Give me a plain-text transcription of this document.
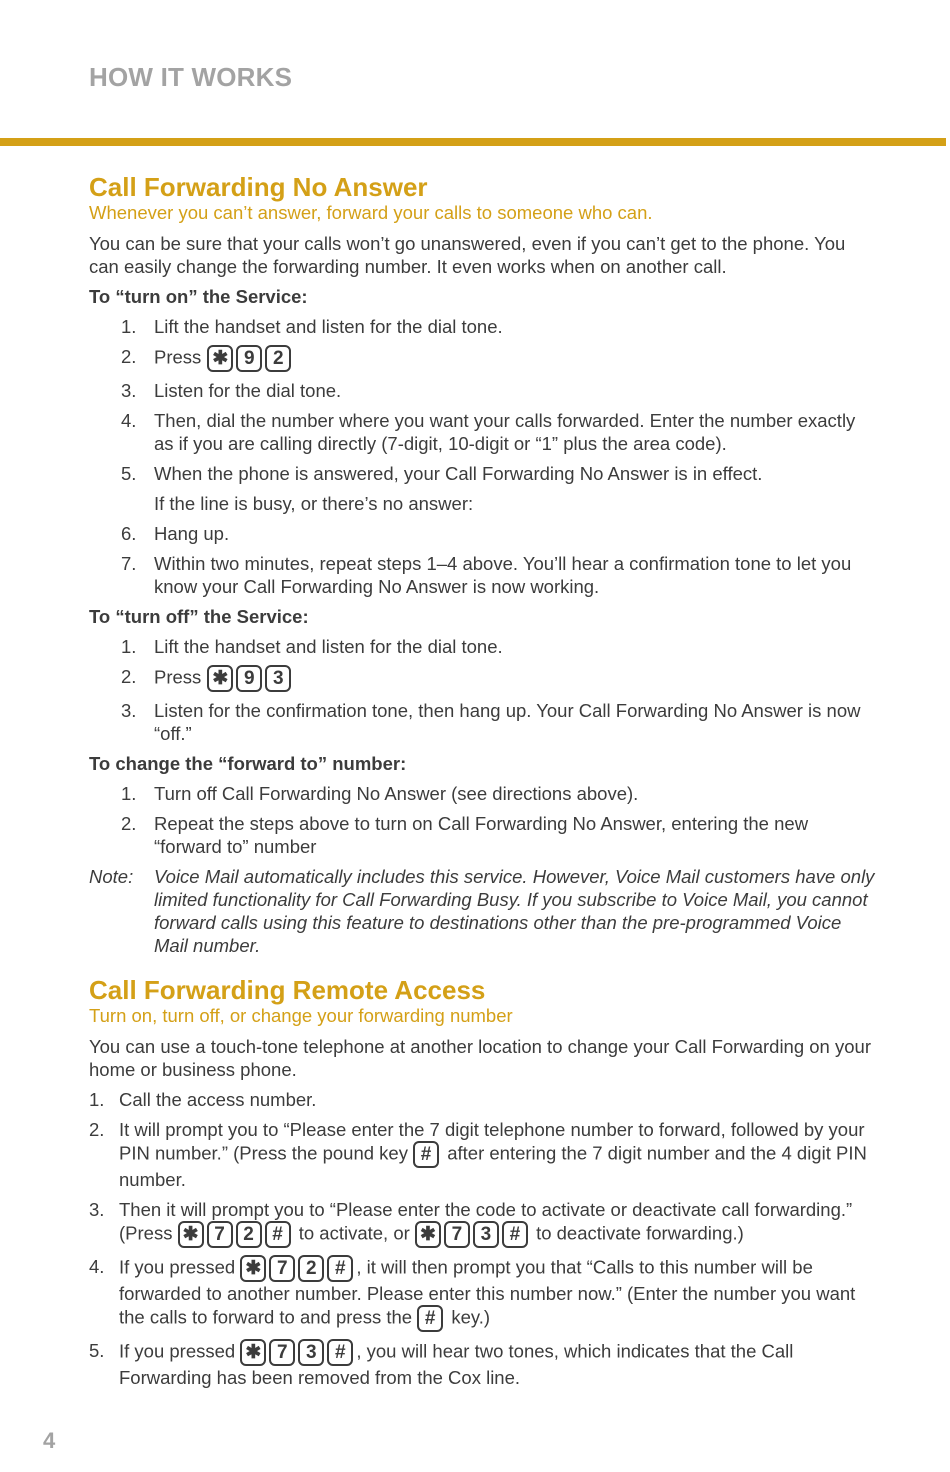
HOW IT WORKS
Call Forwarding No Answer

Whenever you can’t answer, forward your calls to someone who can.

You can be sure that your calls won’t go unanswered, even if you can’t get to the phone. You can easily change the forwarding number. It even works when on another call.

To “turn on” the Service:

1. Lift the handset and listen for the dial tone.
2. Press ✱ 9 2
3. Listen for the dial tone.
4. Then, dial the number where you want your calls forwarded. Enter the number exactly as if you are calling directly (7-digit, 10-digit or “1” plus the area code).
5. When the phone is answered, your Call Forwarding No Answer is in effect.

If the line is busy, or there’s no answer:

6. Hang up.
7. Within two minutes, repeat steps 1–4 above. You’ll hear a confirmation tone to let you know your Call Forwarding No Answer is now working.

To “turn off” the Service:

1. Lift the handset and listen for the dial tone.
2. Press ✱ 9 3
3. Listen for the confirmation tone, then hang up. Your Call Forwarding No Answer is now “off.”

To change the “forward to” number:

1. Turn off Call Forwarding No Answer (see directions above).
2. Repeat the steps above to turn on Call Forwarding No Answer, entering the new “forward to” number
Note: Voice Mail automatically includes this service. However, Voice Mail customers have only limited functionality for Call Forwarding Busy. If you subscribe to Voice Mail, you cannot forward calls using this feature to destinations other than the pre-programmed Voice Mail number.
Call Forwarding Remote Access

Turn on, turn off, or change your forwarding number

You can use a touch-tone telephone at another location to change your Call Forwarding on your home or business phone.

1. Call the access number.
2. It will prompt you to “Please enter the 7 digit telephone number to forward, followed by your PIN number.” (Press the pound key # after entering the 7 digit number and the 4 digit PIN number.
3. Then it will prompt you to “Please enter the code to activate or deactivate call forwarding.” (Press ✱ 7 2 # to activate, or ✱ 7 3 # to deactivate forwarding.)
4. If you pressed ✱ 7 2 # , it will then prompt you that “Calls to this number will be forwarded to another number. Please enter this number now.” (Enter the number you want the calls to forward to and press the # key.)
5. If you pressed ✱ 7 3 # , you will hear two tones, which indicates that the Call Forwarding has been removed from the Cox line.
4
